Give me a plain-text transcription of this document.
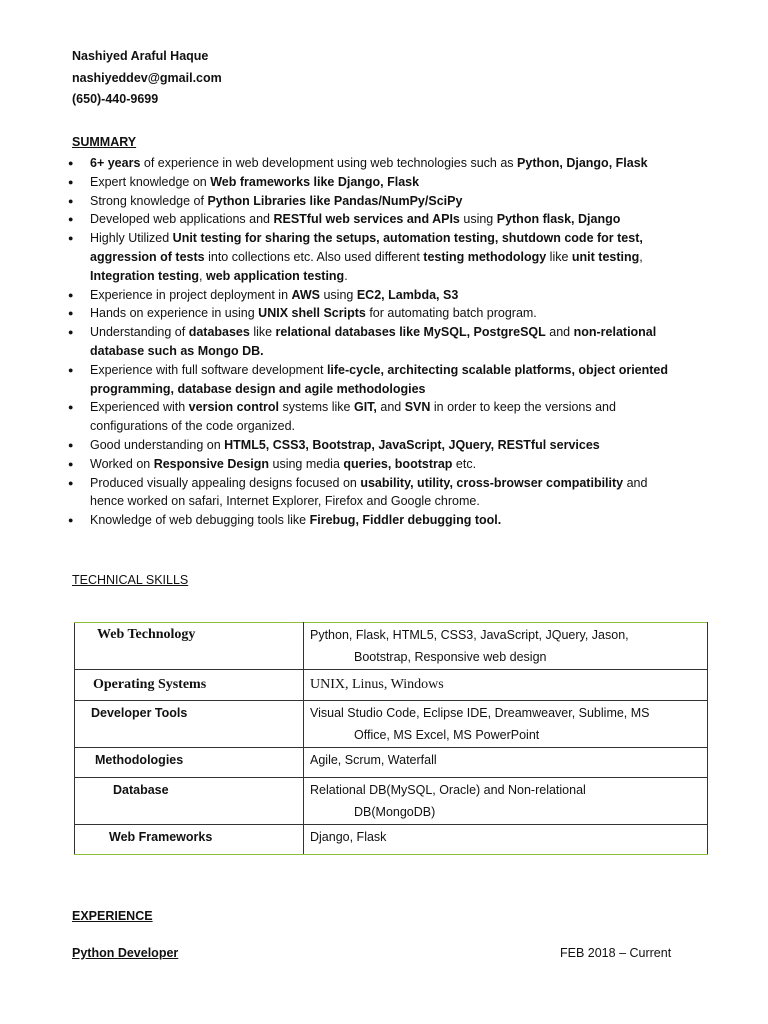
Nashiyed Araful Haque
nashiyeddev@gmail.com
(650)-440-9699
SUMMARY
● 6+ years of experience in web development using web technologies such as Python, Django, Flask
● Expert knowledge on Web frameworks like Django, Flask
● Strong knowledge of Python Libraries like Pandas/NumPy/SciPy
● Developed web applications and RESTful web services and APIs using Python flask, Django
● Highly Utilized Unit testing for sharing the setups, automation testing, shutdown code for test, aggression of tests into collections etc. Also used different testing methodology like unit testing, Integration testing, web application testing.
● Experience in project deployment in AWS using EC2, Lambda, S3
● Hands on experience in using UNIX shell Scripts for automating batch program.
● Understanding of databases like relational databases like MySQL, PostgreSQL and non-relational database such as Mongo DB.
● Experience with full software development life-cycle, architecting scalable platforms, object oriented programming, database design and agile methodologies
● Experienced with version control systems like GIT, and SVN in order to keep the versions and configurations of the code organized.
● Good understanding on HTML5, CSS3, Bootstrap, JavaScript, JQuery, RESTful services
● Worked on Responsive Design using media queries, bootstrap etc.
● Produced visually appealing designs focused on usability, utility, cross-browser compatibility and hence worked on safari, Internet Explorer, Firefox and Google chrome.
● Knowledge of web debugging tools like Firebug, Fiddler debugging tool.
TECHNICAL SKILLS
Web Technology	Python, Flask, HTML5, CSS3, JavaScript, JQuery, Jason,
Bootstrap, Responsive web design

Operating Systems	UNIX, Linus, Windows
Developer Tools	Visual Studio Code, Eclipse IDE, Dreamweaver, Sublime, MS
Office, MS Excel, MS PowerPoint

Methodologies	Agile, Scrum, Waterfall
Database	Relational DB(MySQL, Oracle) and Non-relational
DB(MongoDB)

Web Frameworks	Django, Flask
EXPERIENCE
Python Developer	FEB 2018 – Current
